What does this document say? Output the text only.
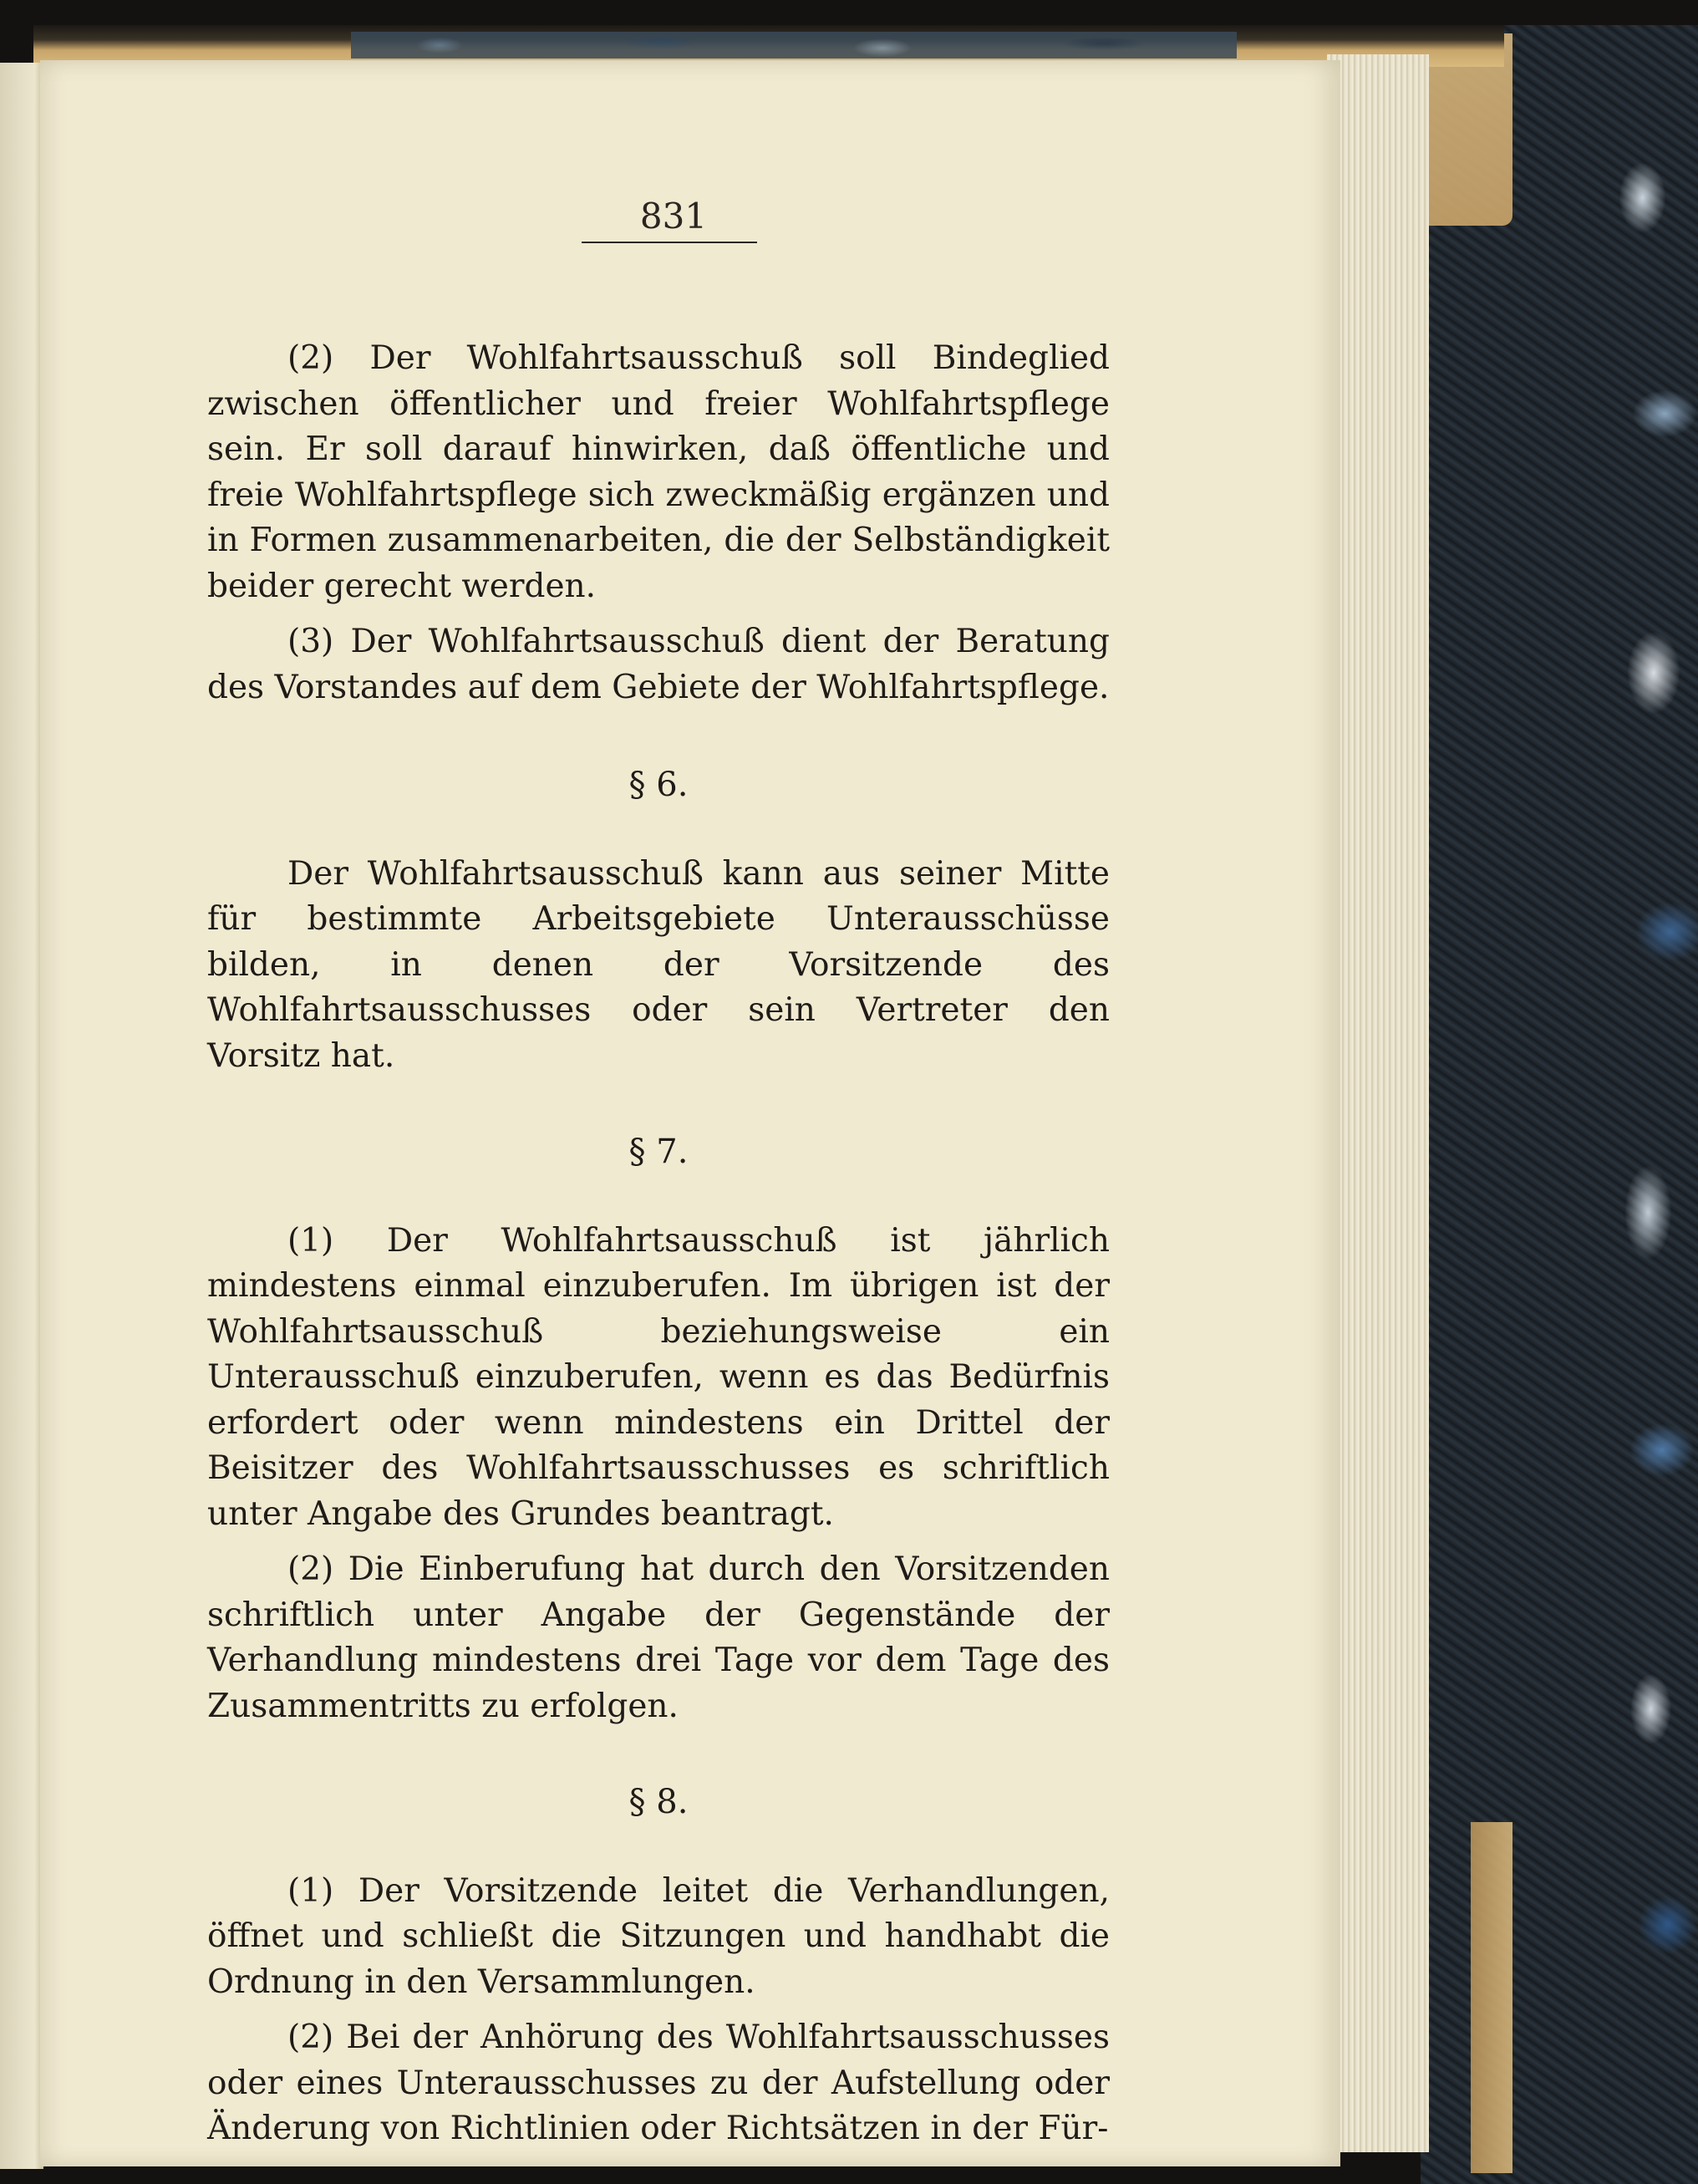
831

(2) Der Wohlfahrtsausschuß soll Bindeglied zwischen öffentlicher und freier Wohlfahrtspflege sein. Er soll darauf hinwirken, daß öffentliche und freie Wohlfahrtspflege sich zweckmäßig ergänzen und in Formen zusammenarbeiten, die der Selbständigkeit beider gerecht werden.

(3) Der Wohlfahrtsausschuß dient der Beratung des Vorstandes auf dem Gebiete der Wohlfahrtspflege.

§ 6.

Der Wohlfahrtsausschuß kann aus seiner Mitte für bestimmte Arbeitsgebiete Unterausschüsse bilden, in denen der Vorsitzende des Wohlfahrtsausschusses oder sein Vertreter den Vorsitz hat.

§ 7.

(1) Der Wohlfahrtsausschuß ist jährlich mindestens einmal einzuberufen. Im übrigen ist der Wohlfahrtsausschuß beziehungsweise ein Unterausschuß einzuberufen, wenn es das Bedürfnis erfordert oder wenn mindestens ein Drittel der Beisitzer des Wohlfahrtsausschusses es schriftlich unter Angabe des Grundes beantragt.

(2) Die Einberufung hat durch den Vorsitzenden schriftlich unter Angabe der Gegenstände der Verhandlung mindestens drei Tage vor dem Tage des Zusammentritts zu erfolgen.

§ 8.

(1) Der Vorsitzende leitet die Verhandlungen, öffnet und schließt die Sitzungen und handhabt die Ordnung in den Versammlungen.

(2) Bei der Anhörung des Wohlfahrtsausschusses oder eines Unterausschusses zu der Aufstellung oder Änderung von Richtlinien oder Richtsätzen in der Für-
